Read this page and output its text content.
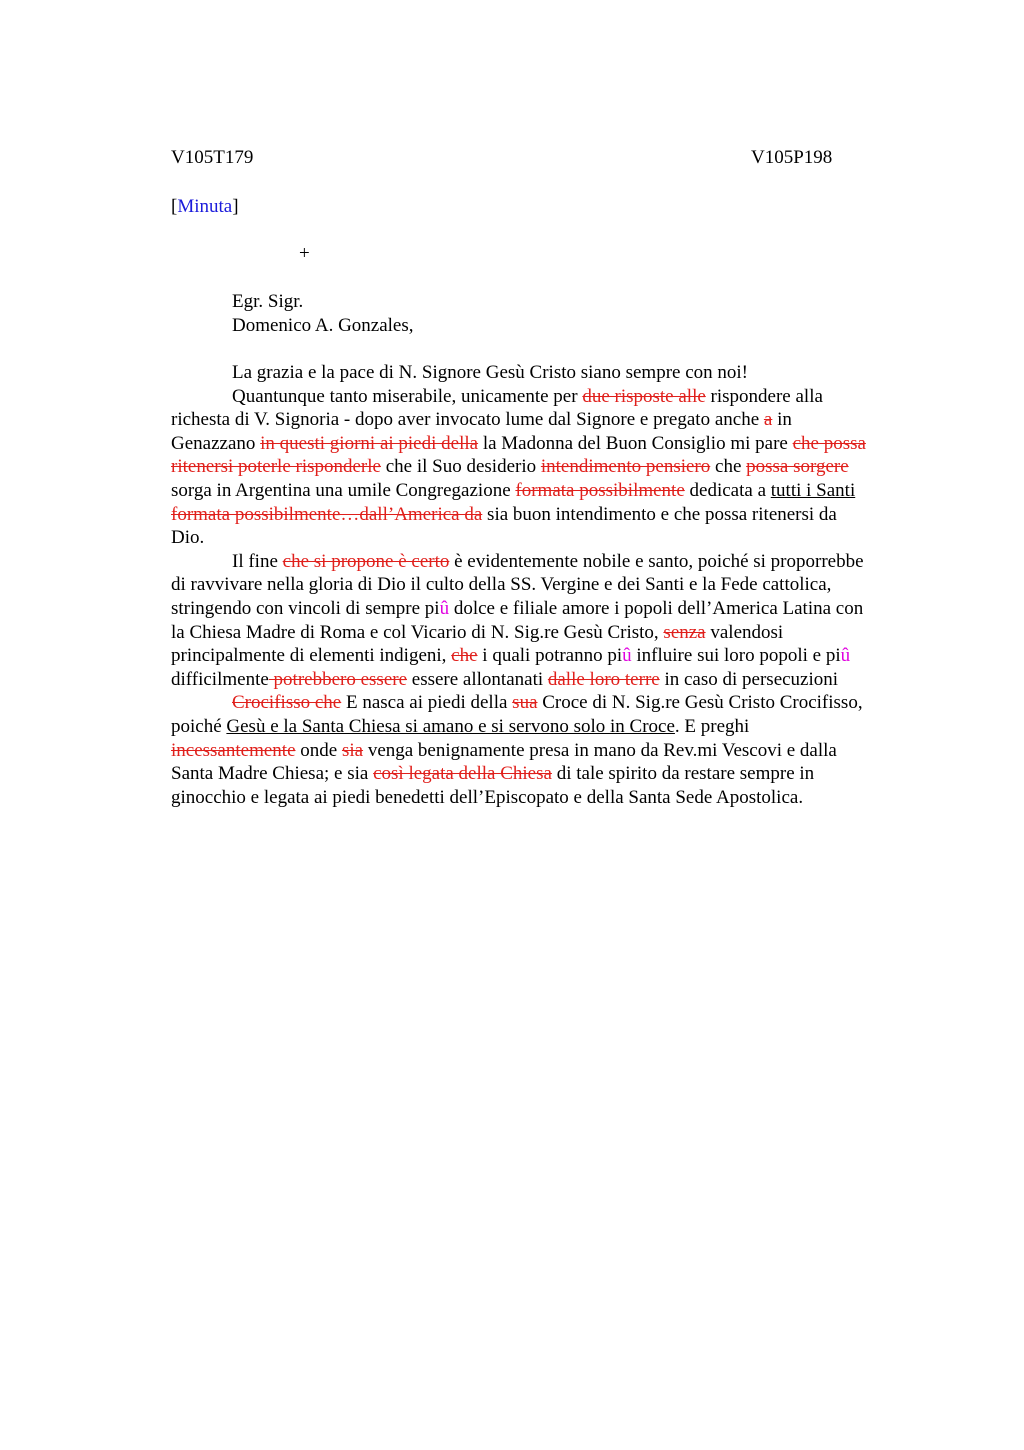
V105T179	V105P198
[Minuta]
+
Egr. Sigr.
Domenico A. Gonzales,
La grazia e la pace di N. Signore Gesù Cristo siano sempre con noi!
Quantunque tanto miserabile, unicamente per due risposte alle rispondere alla
richesta di V. Signoria - dopo aver invocato lume dal Signore e pregato anche a in
Genazzano in questi giorni ai piedi della la Madonna del Buon Consiglio mi pare che possa
ritenersi poterle risponderle che il Suo desiderio intendimento pensiero che possa sorgere
sorga in Argentina una umile Congregazione formata possibilmente dedicata a tutti i Santi
formata possibilmente…dall’America da sia buon intendimento e che possa ritenersi da
Dio.
Il fine che si propone è certo è evidentemente nobile e santo, poiché si proporrebbe
di ravvivare nella gloria di Dio il culto della SS. Vergine e dei Santi e la Fede cattolica,
stringendo con vincoli di sempre piû dolce e filiale amore i popoli dell’America Latina con
la Chiesa Madre di Roma e col Vicario di N. Sig.re Gesù Cristo, senza valendosi
principalmente di elementi indigeni, che i quali potranno piû influire sui loro popoli e piû
difficilmente potrebbero essere essere allontanati dalle loro terre in caso di persecuzioni
Crocifisso che E nasca ai piedi della sua Croce di N. Sig.re Gesù Cristo Crocifisso,
poiché Gesù e la Santa Chiesa si amano e si servono solo in Croce. E preghi
incessantemente onde sia venga benignamente presa in mano da Rev.mi Vescovi e dalla
Santa Madre Chiesa; e sia così legata della Chiesa di tale spirito da restare sempre in
ginocchio e legata ai piedi benedetti dell’Episcopato e della Santa Sede Apostolica.
